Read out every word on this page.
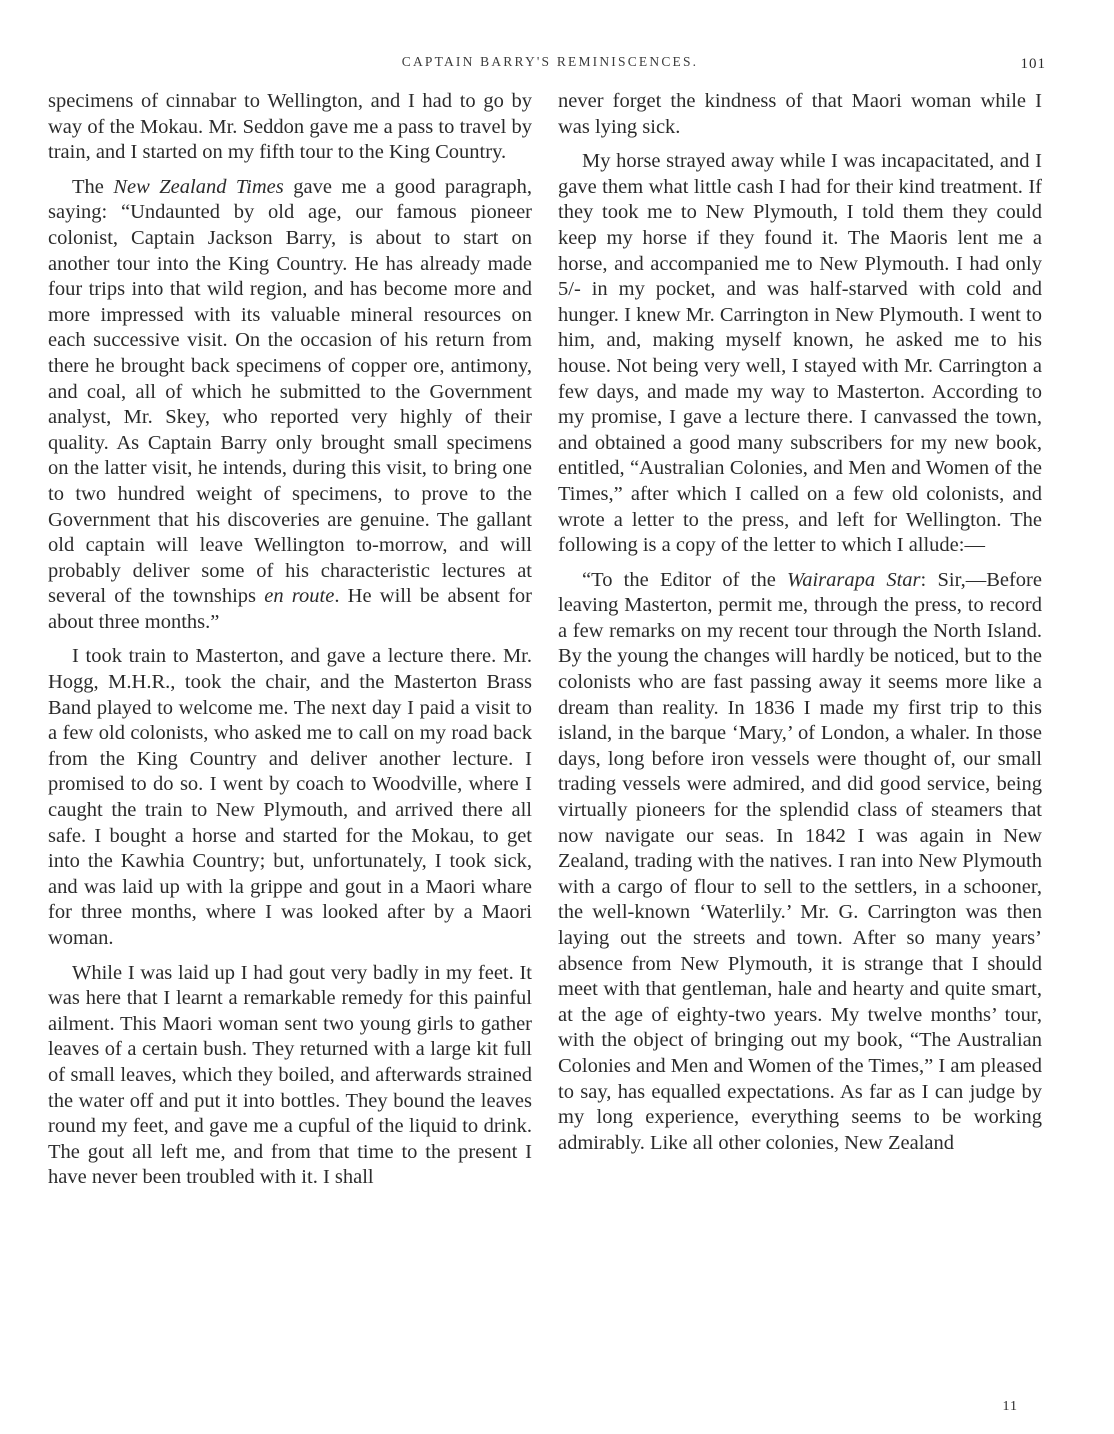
CAPTAIN BARRY'S REMINISCENCES.	101

specimens of cinnabar to Wellington, and I had to go by way of the Mokau. Mr. Seddon gave me a pass to travel by train, and I started on my fifth tour to the King Country.

The New Zealand Times gave me a good paragraph, saying: “Undaunted by old age, our famous pioneer colonist, Captain Jackson Barry, is about to start on another tour into the King Country. He has already made four trips into that wild region, and has become more and more impressed with its valuable mineral resources on each successive visit. On the occasion of his return from there he brought back specimens of copper ore, antimony, and coal, all of which he submitted to the Government analyst, Mr. Skey, who reported very highly of their quality. As Captain Barry only brought small specimens on the latter visit, he intends, during this visit, to bring one to two hundred weight of specimens, to prove to the Government that his discoveries are genuine. The gallant old captain will leave Wellington to-morrow, and will probably deliver some of his characteristic lectures at several of the townships en route. He will be absent for about three months.”

I took train to Masterton, and gave a lecture there. Mr. Hogg, M.H.R., took the chair, and the Masterton Brass Band played to welcome me. The next day I paid a visit to a few old colonists, who asked me to call on my road back from the King Country and deliver another lecture. I promised to do so. I went by coach to Woodville, where I caught the train to New Plymouth, and arrived there all safe. I bought a horse and started for the Mokau, to get into the Kawhia Country; but, unfortunately, I took sick, and was laid up with la grippe and gout in a Maori whare for three months, where I was looked after by a Maori woman.

While I was laid up I had gout very badly in my feet. It was here that I learnt a remarkable remedy for this painful ailment. This Maori woman sent two young girls to gather leaves of a certain bush. They returned with a large kit full of small leaves, which they boiled, and afterwards strained the water off and put it into bottles. They bound the leaves round my feet, and gave me a cupful of the liquid to drink. The gout all left me, and from that time to the present I have never been troubled with it. I shall

never forget the kindness of that Maori woman while I was lying sick.

My horse strayed away while I was incapacitated, and I gave them what little cash I had for their kind treatment. If they took me to New Plymouth, I told them they could keep my horse if they found it. The Maoris lent me a horse, and accompanied me to New Plymouth. I had only 5/- in my pocket, and was half-starved with cold and hunger. I knew Mr. Carrington in New Plymouth. I went to him, and, making myself known, he asked me to his house. Not being very well, I stayed with Mr. Carrington a few days, and made my way to Masterton. According to my promise, I gave a lecture there. I canvassed the town, and obtained a good many subscribers for my new book, entitled, “Australian Colonies, and Men and Women of the Times,” after which I called on a few old colonists, and wrote a letter to the press, and left for Wellington. The following is a copy of the letter to which I allude:—

“To the Editor of the Wairarapa Star: Sir,—Before leaving Masterton, permit me, through the press, to record a few remarks on my recent tour through the North Island. By the young the changes will hardly be noticed, but to the colonists who are fast passing away it seems more like a dream than reality. In 1836 I made my first trip to this island, in the barque ‘Mary,’ of London, a whaler. In those days, long before iron vessels were thought of, our small trading vessels were admired, and did good service, being virtually pioneers for the splendid class of steamers that now navigate our seas. In 1842 I was again in New Zealand, trading with the natives. I ran into New Plymouth with a cargo of flour to sell to the settlers, in a schooner, the well-known ‘Waterlily.’ Mr. G. Carrington was then laying out the streets and town. After so many years’ absence from New Plymouth, it is strange that I should meet with that gentleman, hale and hearty and quite smart, at the age of eighty-two years. My twelve months’ tour, with the object of bringing out my book, “The Australian Colonies and Men and Women of the Times,” I am pleased to say, has equalled expectations. As far as I can judge by my long experience, everything seems to be working admirably. Like all other colonies, New Zealand

11
